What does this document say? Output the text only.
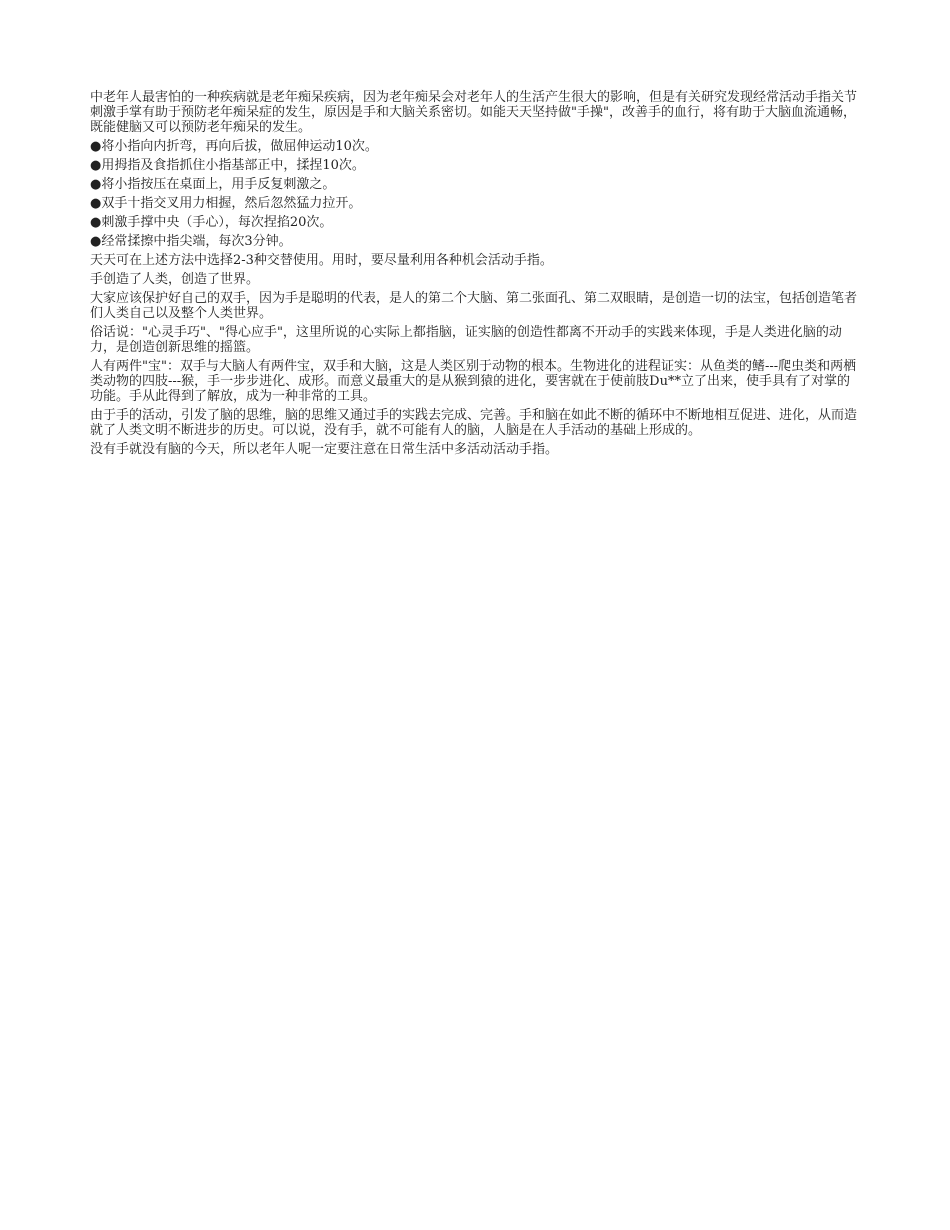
中老年人最害怕的一种疾病就是老年痴呆疾病，因为老年痴呆会对老年人的生活产生很大的影响，但是有关研究发现经常活动手指关节刺激手掌有助于预防老年痴呆症的发生，原因是手和大脑关系密切。如能天天坚持做"手操"，改善手的血行，将有助于大脑血流通畅，既能健脑又可以预防老年痴呆的发生。

●将小指向内折弯，再向后拔，做屈伸运动10次。

●用拇指及食指抓住小指基部正中，揉捏10次。

●将小指按压在桌面上，用手反复刺激之。

●双手十指交叉用力相握，然后忽然猛力拉开。

●刺激手撑中央（手心），每次捏掐20次。

●经常揉擦中指尖端，每次3分钟。

天天可在上述方法中选择2-3种交替使用。用时，要尽量利用各种机会活动手指。

手创造了人类，创造了世界。

大家应该保护好自己的双手，因为手是聪明的代表，是人的第二个大脑、第二张面孔、第二双眼睛，是创造一切的法宝，包括创造笔者们人类自己以及整个人类世界。

俗话说："心灵手巧"、"得心应手"，这里所说的心实际上都指脑，证实脑的创造性都离不开动手的实践来体现，手是人类进化脑的动力，是创造创新思维的摇篮。

人有两件"宝"：双手与大脑人有两件宝，双手和大脑，这是人类区别于动物的根本。生物进化的进程证实：从鱼类的鳍---爬虫类和两栖类动物的四肢---猴，手一步步进化、成形。而意义最重大的是从猴到猿的进化，要害就在于使前肢Du**立了出来，使手具有了对掌的功能。手从此得到了解放，成为一种非常的工具。

由于手的活动，引发了脑的思维，脑的思维又通过手的实践去完成、完善。手和脑在如此不断的循环中不断地相互促进、进化，从而造就了人类文明不断进步的历史。可以说，没有手，就不可能有人的脑，人脑是在人手活动的基础上形成的。

没有手就没有脑的今天，所以老年人呢一定要注意在日常生活中多活动活动手指。
